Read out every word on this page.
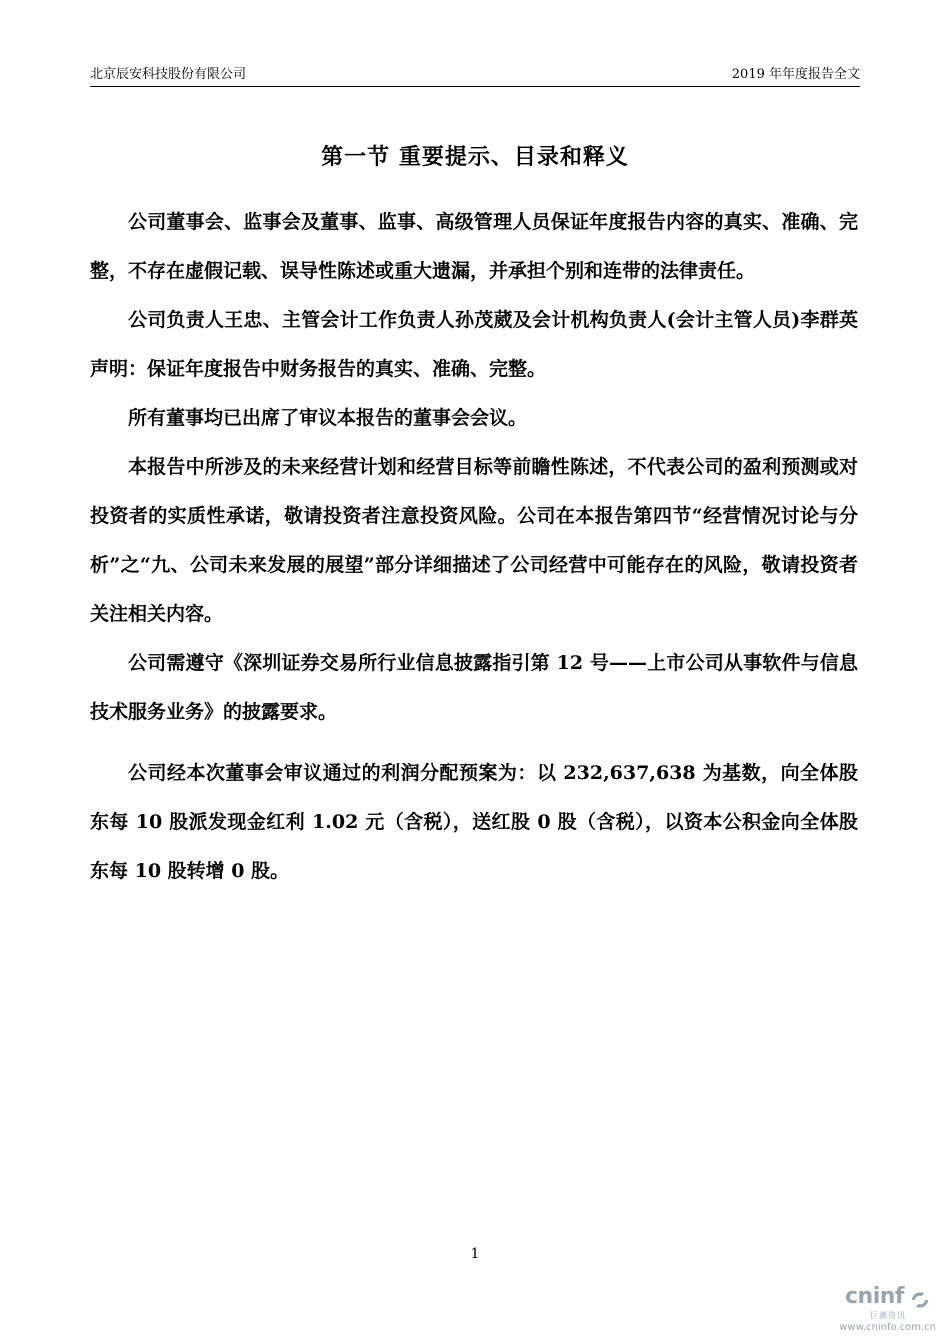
北京辰安科技股份有限公司	2019 年年度报告全文
第一节 重要提示、目录和释义

公司董事会、监事会及董事、监事、高级管理人员保证年度报告内容的真实、准确、完整，不存在虚假记载、误导性陈述或重大遗漏，并承担个别和连带的法律责任。

公司负责人王忠、主管会计工作负责人孙茂葳及会计机构负责人(会计主管人员)李群英声明：保证年度报告中财务报告的真实、准确、完整。

所有董事均已出席了审议本报告的董事会会议。

本报告中所涉及的未来经营计划和经营目标等前瞻性陈述，不代表公司的盈利预测或对投资者的实质性承诺，敬请投资者注意投资风险。公司在本报告第四节“经营情况讨论与分析”之“九、公司未来发展的展望”部分详细描述了公司经营中可能存在的风险，敬请投资者关注相关内容。

公司需遵守《深圳证券交易所行业信息披露指引第 12 号——上市公司从事软件与信息技术服务业务》的披露要求。

公司经本次董事会审议通过的利润分配预案为：以 232,637,638 为基数，向全体股东每 10 股派发现金红利 1.02 元（含税），送红股 0 股（含税），以资本公积金向全体股东每 10 股转增 0 股。

1
cninf
巨潮资讯
www.cninfo.com.cn
